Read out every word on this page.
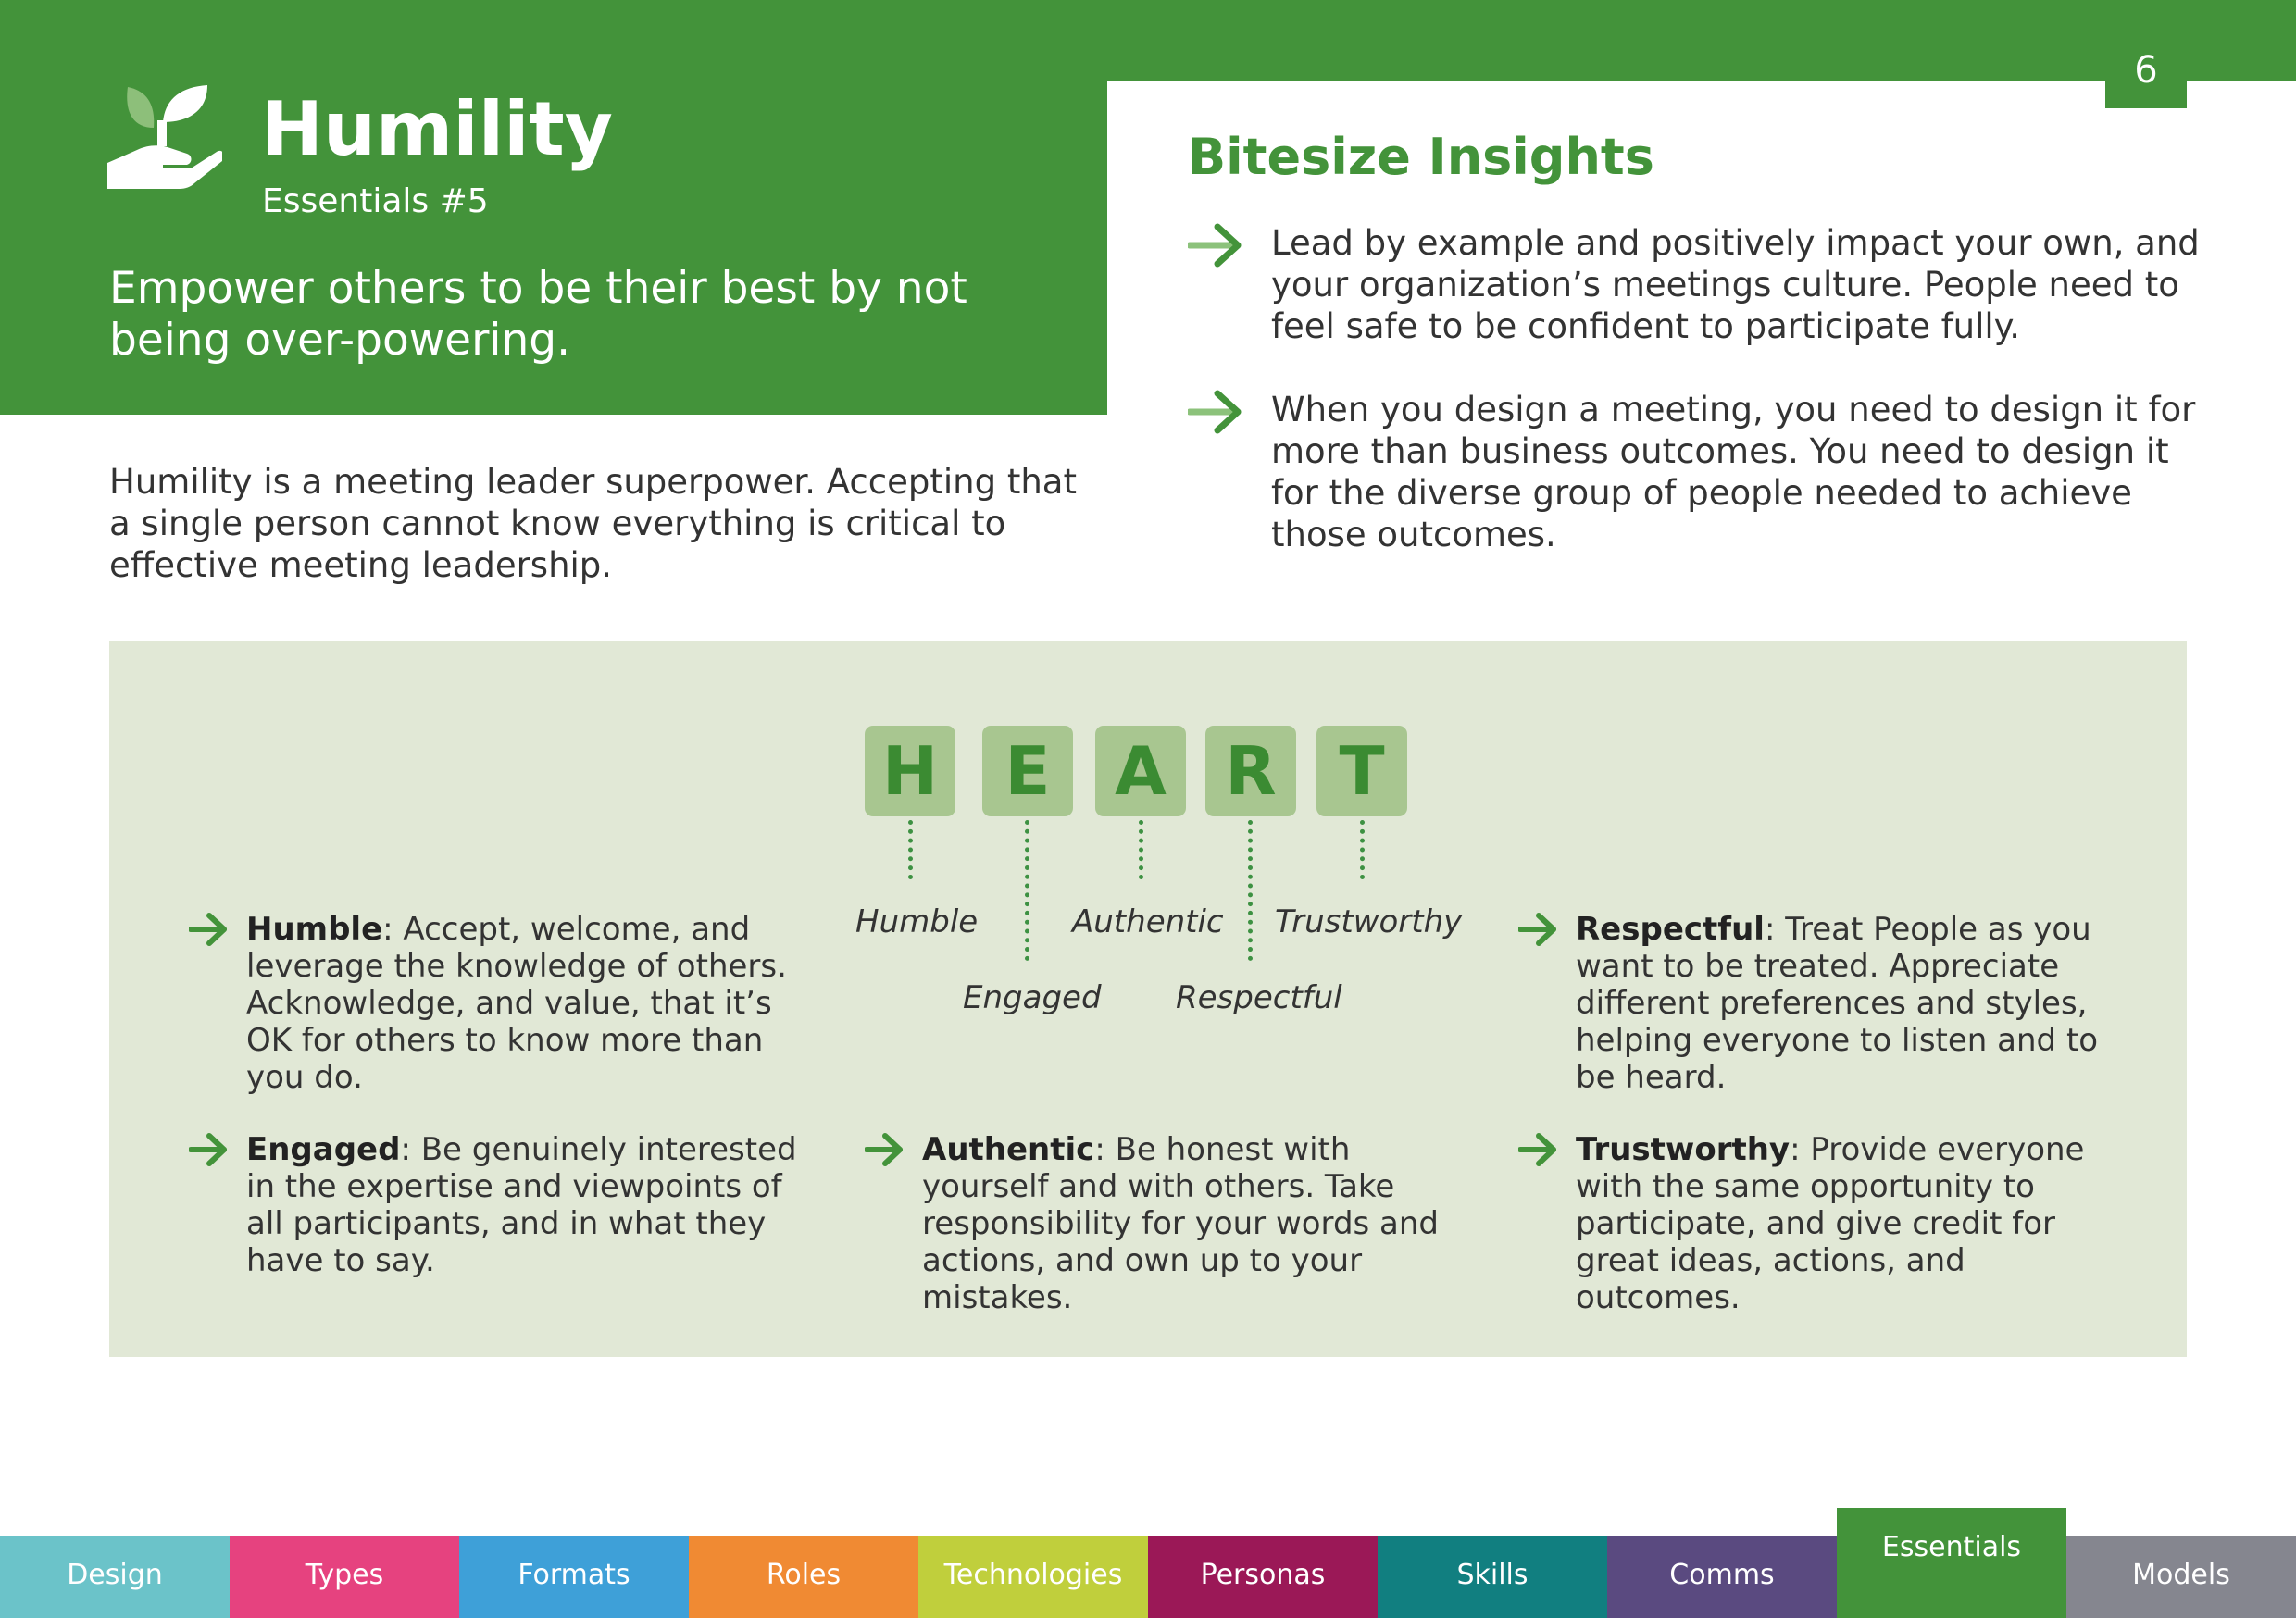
Humility
Essentials #5
Empower others to be their best by not being over-powering.
6

Humility is a meeting leader superpower. Accepting that a single person cannot know everything is critical to effective meeting leadership.

Bitesize Insights
Lead by example and positively impact your own, and your organization’s meetings culture. People need to feel safe to be confident to participate fully.
When you design a meeting, you need to design it for more than business outcomes. You need to design it for the diverse group of people needed to achieve those outcomes.
H	E A R T
Humble
Engaged
Authentic
Respectful
Trustworthy
Humble: Accept, welcome, and leverage the knowledge of others. Acknowledge, and value, that it’s OK for others to know more than you do.
Engaged: Be genuinely interested in the expertise and viewpoints of all participants, and in what they have to say.
Authentic: Be honest with yourself and with others. Take responsibility for your words and actions, and own up to your mistakes.
Respectful: Treat People as you want to be treated. Appreciate different preferences and styles, helping everyone to listen and to be heard.
Trustworthy: Provide everyone with the same opportunity to participate, and give credit for great ideas, actions, and outcomes.
Design	Types	Formats	Roles	Technologies	Personas	Skills	Comms
Essentials
Models
